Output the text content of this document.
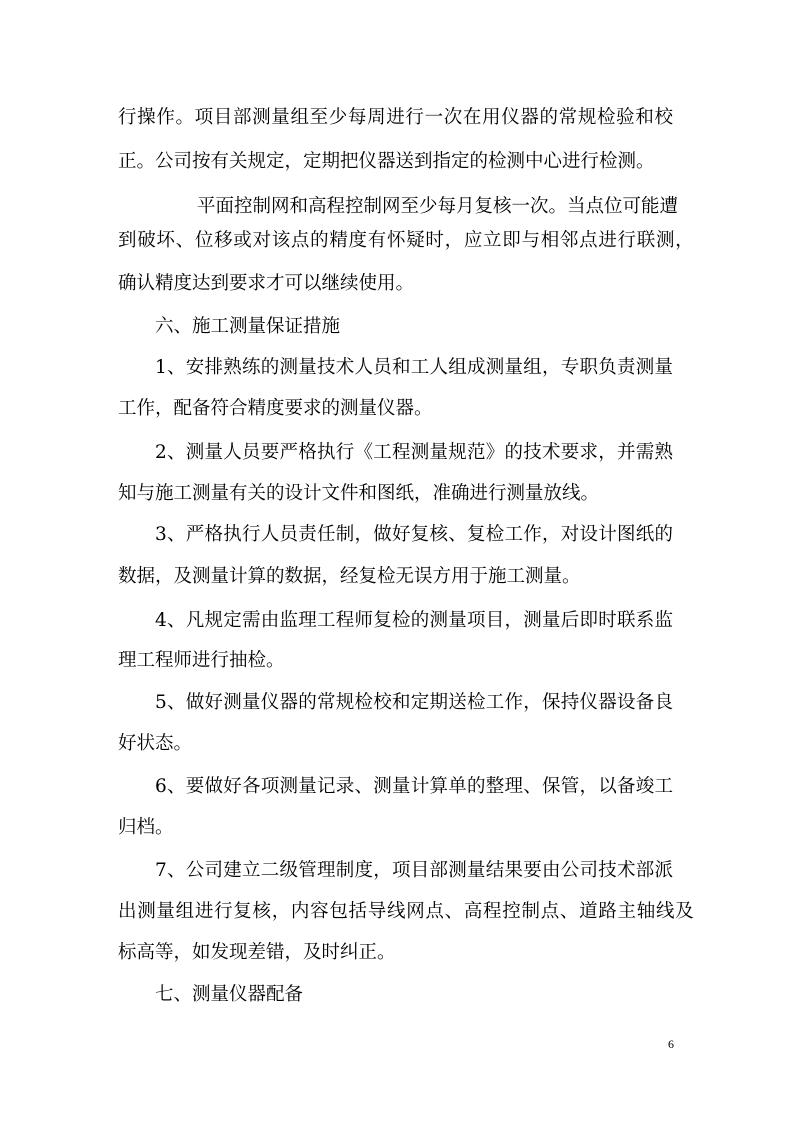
行操作。项目部测量组至少每周进行一次在用仪器的常规检验和校
正。公司按有关规定，定期把仪器送到指定的检测中心进行检测。
平面控制网和高程控制网至少每月复核一次。当点位可能遭
到破坏、位移或对该点的精度有怀疑时，应立即与相邻点进行联测，
确认精度达到要求才可以继续使用。
六、施工测量保证措施
1、安排熟练的测量技术人员和工人组成测量组，专职负责测量
工作，配备符合精度要求的测量仪器。
2、测量人员要严格执行《工程测量规范》的技术要求，并需熟
知与施工测量有关的设计文件和图纸，准确进行测量放线。
3、严格执行人员责任制，做好复核、复检工作，对设计图纸的
数据，及测量计算的数据，经复检无误方用于施工测量。
4、凡规定需由监理工程师复检的测量项目，测量后即时联系监
理工程师进行抽检。
5、做好测量仪器的常规检校和定期送检工作，保持仪器设备良
好状态。
6、要做好各项测量记录、测量计算单的整理、保管，以备竣工
归档。
7、公司建立二级管理制度，项目部测量结果要由公司技术部派
出测量组进行复核，内容包括导线网点、高程控制点、道路主轴线及
标高等，如发现差错，及时纠正。
七、测量仪器配备
6
